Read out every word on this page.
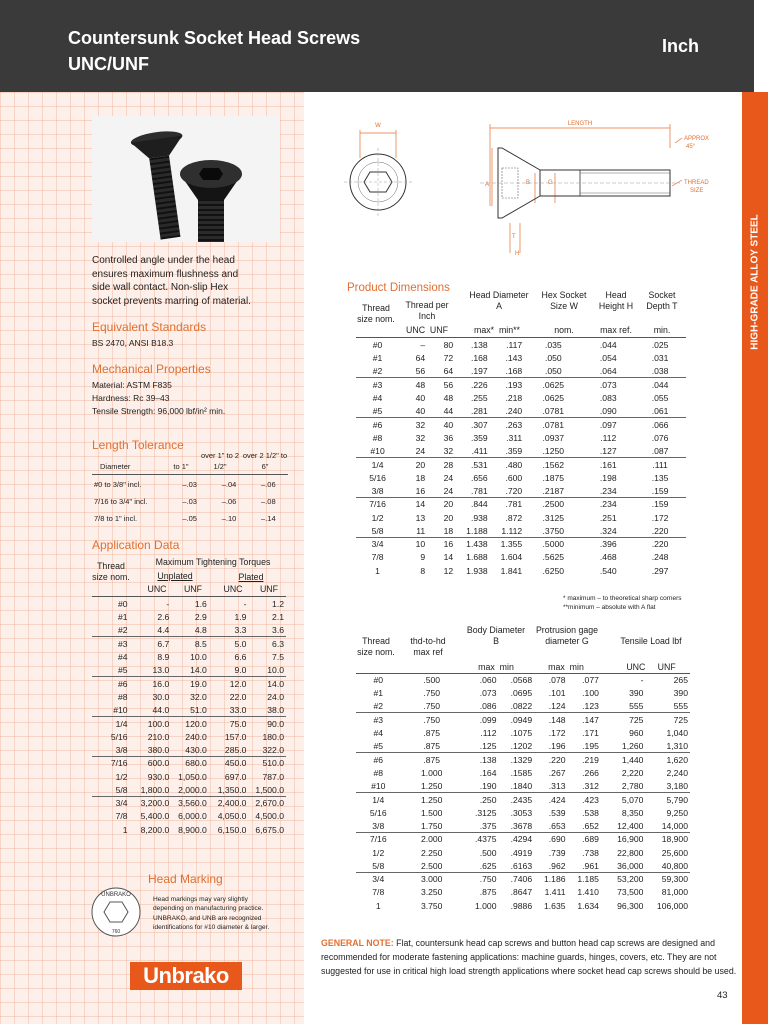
Countersunk Socket Head Screws
UNC/UNF
Inch
HIGH-GRADE ALLOY STEEL
Controlled angle under the head
ensures maximum flushness and
side wall contact. Non-slip Hex
socket prevents marring of material.
Equivalent Standards
BS 2470, ANSI B18.3
Mechanical Properties
Material: ASTM F835
Hardness: Rc 39–43
Tensile Strength: 96,000 lbf/in² min.
Length Tolerance
Diameter	to 1"
over 1" to 2 1/2"
over 2 1/2" to 6"
#0 to 3/8" incl.	–.03	–.04	–.06
7/16 to 3/4" incl.	–.03	–.06	–.08
7/8 to 1" incl.	–.05	–.10	–.14
Application Data
Thread size nom.
Maximum Tightening Torques
Unplated	Plated
UNC	UNF	UNC	UNF
#0	-	1.6	-	1.2
#1	2.6	2.9	1.9	2.1
#2	4.4	4.8	3.3	3.6
#3	6.7	8.5	5.0	6.3
#4	8.9	10.0	6.6	7.5
#5	13.0	14.0	9.0	10.0
#6	16.0	19.0	12.0	14.0
#8	30.0	32.0	22.0	24.0
#10	44.0	51.0	33.0	38.0
1/4	100.0	120.0	75.0	90.0
5/16	210.0	240.0	157.0	180.0
3/8	380.0	430.0	285.0	322.0
7/16	600.0	680.0	450.0	510.0
1/2	930.0	1,050.0	697.0	787.0
5/8	1,800.0	2,000.0	1,350.0	1,500.0
3/4	3,200.0	3,560.0	2,400.0	2,670.0
7/8	5,400.0	6,000.0	4,050.0	4,500.0
1	8,200.0	8,900.0	6,150.0	6,675.0
Head Marking
UNBRAKO
760
Head markings may vary slightly
depending on manufacturing practice.
UNBRAKO, and UNB are recognized
identifications for #10 diameter & larger.
Unbrako
W	LENGTH
APPROX
45°
THREAD
SIZE
A	B	G
T
H
Product Dimensions
Thread size nom.
Thread per Inch
UNC  UNF
Head Diameter A
max*  min**
Hex Socket Size W
nom.
Head Height H
max ref.
Socket Depth T
min.
#0	–	80	.138	.117	.035	.044	.025
#1	64	72	.168	.143	.050	.054	.031
#2	56	64	.197	.168	.050	.064	.038
#3	48	56	.226	.193	.0625	.073	.044
#4	40	48	.255	.218	.0625	.083	.055
#5	40	44	.281	.240	.0781	.090	.061
#6	32	40	.307	.263	.0781	.097	.066
#8	32	36	.359	.311	.0937	.112	.076
#10	24	32	.411	.359	.1250	.127	.087
1/4	20	28	.531	.480	.1562	.161	.111
5/16	18	24	.656	.600	.1875	.198	.135
3/8	16	24	.781	.720	.2187	.234	.159
7/16	14	20	.844	.781	.2500	.234	.159
1/2	13	20	.938	.872	.3125	.251	.172
5/8	11	18	1.188	1.112	.3750	.324	.220
3/4	10	16	1.438	1.355	.5000	.396	.220
7/8	9	14	1.688	1.604	.5625	.468	.248
1	8	12	1.938	1.841	.6250	.540	.297
* maximum – to theoretical sharp corners
**minimum – absolute with A flat
Thread size nom.
thd-to-hd max ref
Body Diameter B
max  min
Protrusion gage diameter G
max  min
Tensile Load lbf
UNC     UNF
#0	.500	.060	.0568	.078	.077	-	265
#1	.750	.073	.0695	.101	.100	390	390
#2	.750	.086	.0822	.124	.123	555	555
#3	.750	.099	.0949	.148	.147	725	725
#4	.875	.112	.1075	.172	.171	960	1,040
#5	.875	.125	.1202	.196	.195	1,260	1,310
#6	.875	.138	.1329	.220	.219	1,440	1,620
#8	1.000	.164	.1585	.267	.266	2,220	2,240
#10	1.250	.190	.1840	.313	.312	2,780	3,180
1/4	1.250	.250	.2435	.424	.423	5,070	5,790
5/16	1.500	.3125	.3053	.539	.538	8,350	9,250
3/8	1.750	.375	.3678	.653	.652	12,400	14,000
7/16	2.000	.4375	.4294	.690	.689	16,900	18,900
1/2	2.250	.500	.4919	.739	.738	22,800	25,600
5/8	2.500	.625	.6163	.962	.961	36,000	40,800
3/4	3.000	.750	.7406	1.186	1.185	53,200	59,300
7/8	3.250	.875	.8647	1.411	1.410	73,500	81,000
1	3.750	1.000	.9886	1.635	1.634	96,300	106,000
GENERAL NOTE: Flat, countersunk head cap screws and button head cap screws are designed and recommended for moderate fastening applications: machine guards, hinges, covers, etc. They are not suggested for use in critical high load strength applications where socket head cap screws should be used.
43
